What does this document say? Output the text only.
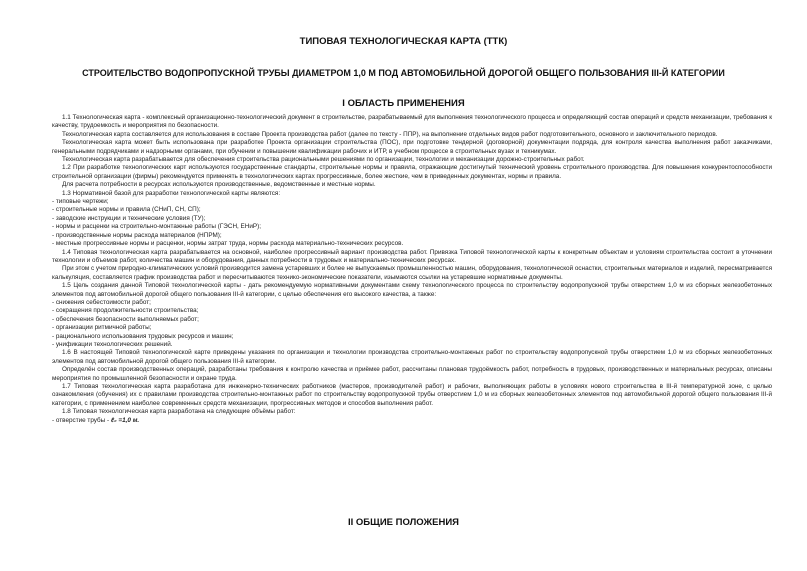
ТИПОВАЯ ТЕХНОЛОГИЧЕСКАЯ КАРТА (ТТК)
СТРОИТЕЛЬСТВО ВОДОПРОПУСКНОЙ ТРУБЫ ДИАМЕТРОМ 1,0 М ПОД АВТОМОБИЛЬНОЙ ДОРОГОЙ ОБЩЕГО ПОЛЬЗОВАНИЯ III-Й КАТЕГОРИИ
I ОБЛАСТЬ ПРИМЕНЕНИЯ

1.1 Технологическая карта - комплексный организационно-технологический документ в строительстве, разрабатываемый для выполнения технологического процесса и определяющий состав операций и средств механизации, требования к качеству, трудоемкость и мероприятия по безопасности.

Технологическая карта составляется для использования в составе Проекта производства работ (далее по тексту - ППР), на выполнение отдельных видов работ подготовительного, основного и заключительного периодов.

Технологическая карта может быть использована при разработке Проекта организации строительства (ПОС), при подготовке тендерной (договорной) документации подряда, для контроля качества выполнения работ заказчиками, генеральными подрядчиками и надзорными органами, при обучении и повышении квалификации рабочих и ИТР, в учебном процессе в строительных вузах и техникумах.

Технологическая карта разрабатывается для обеспечения строительства рациональными решениями по организации, технологии и механизации дорожно-строительных работ.

1.2 При разработке технологических карт используются государственные стандарты, строительные нормы и правила, отражающие достигнутый технический уровень строительного производства. Для повышения конкурентоспособности строительной организации (фирмы) рекомендуется применять в технологических картах прогрессивные, более жесткие, чем в приведенных документах, нормы и правила.

Для расчета потребности в ресурсах используются производственные, ведомственные и местные нормы.

1.3 Нормативной базой для разработки технологической карты являются:

- типовые чертежи;

- строительные нормы и правила (СНиП, СН, СП);

- заводские инструкции и технические условия (ТУ);

- нормы и расценки на строительно-монтажные работы (ГЭСН, ЕНиР);

- производственные нормы расхода материалов (НПРМ);

- местные прогрессивные нормы и расценки, нормы затрат труда, нормы расхода материально-технических ресурсов.

1.4 Типовая технологическая карта разрабатывается на основной, наиболее прогрессивный вариант производства работ. Привязка Типовой технологической карты к конкретным объектам и условиям строительства состоит в уточнении технологии и объемов работ, количества машин и оборудования, данных потребности в трудовых и материально-технических ресурсах.

При этом с учетом природно-климатических условий производится замена устаревших и более не выпускаемых промышленностью машин, оборудования, технологической оснастки, строительных материалов и изделий, пересматривается калькуляция, составляется график производства работ и пересчитываются технико-экономические показатели, изымаются ссылки на устаревшие нормативные документы.

1.5 Цель создания данной Типовой технологической карты - дать рекомендуемую нормативными документами схему технологического процесса по строительству водопропускной трубы отверстием 1,0 м из сборных железобетонных элементов под автомобильной дорогой общего пользования III-й категории, с целью обеспечения его высокого качества, а также:

- снижения себестоимости работ;

- сокращения продолжительности строительства;

- обеспечения безопасности выполняемых работ;

- организации ритмичной работы;

- рационального использования трудовых ресурсов и машин;

- унификации технологических решений.

1.6 В настоящей Типовой технологической карте приведены указания по организации и технологии производства строительно-монтажных работ по строительству водопропускной трубы отверстием 1,0 м из сборных железобетонных элементов под автомобильной дорогой общего пользования III-й категории.

Определён состав производственных операций, разработаны требования к контролю качества и приёмке работ, рассчитаны плановая трудоёмкость работ, потребность в трудовых, производственных и материальных ресурсах, описаны мероприятия по промышленной безопасности и охране труда.

1.7 Типовая технологическая карта разработана для инженерно-технических работников (мастеров, производителей работ) и рабочих, выполняющих работы в условиях нового строительства в III-й температурной зоне, с целью ознакомления (обучения) их с правилами производства строительно-монтажных работ по строительству водопропускной трубы отверстием 1,0 м из сборных железобетонных элементов под автомобильной дорогой общего пользования III-й категории, с применением наиболее современных средств механизации, прогрессивных методов и способов выполнения работ.

1.8 Типовая технологическая карта разработана на следующие объёмы работ:

- отверстие трубы - ℓ₀ =1,0 м.

II ОБЩИЕ ПОЛОЖЕНИЯ
